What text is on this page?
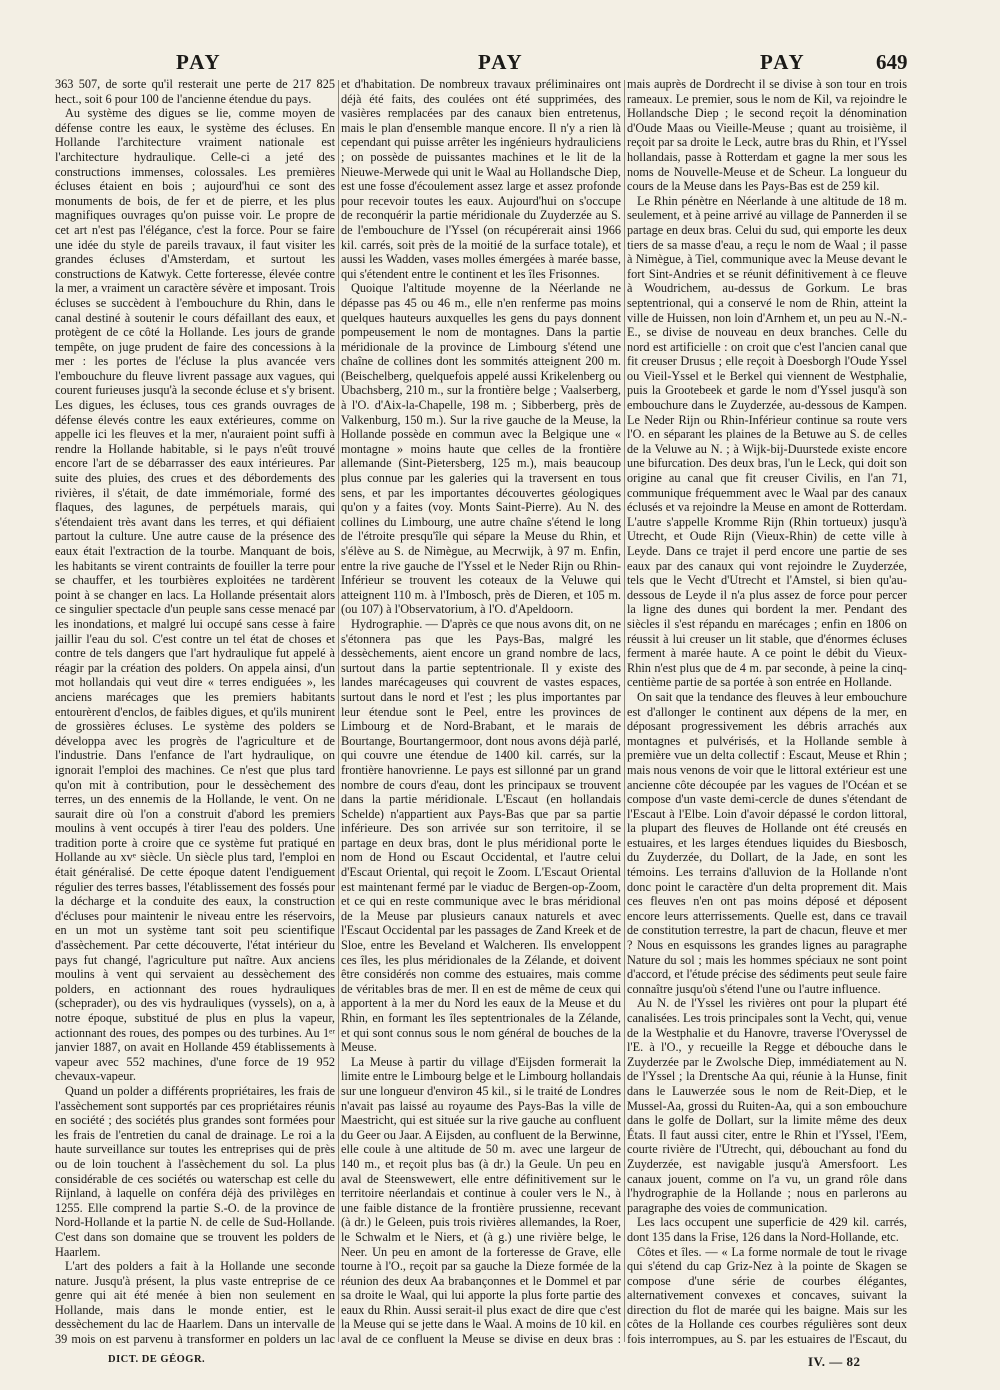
PAY	PAY	PAY	649

363 507, de sorte qu'il resterait une perte de 217 825 hect., soit 6 pour 100 de l'ancienne étendue du pays.

Au système des digues se lie, comme moyen de défense contre les eaux, le système des écluses. En Hollande l'architecture vraiment nationale est l'architecture hydraulique. Celle-ci a jeté des constructions immenses, colossales. Les premières écluses étaient en bois ; aujourd'hui ce sont des monuments de bois, de fer et de pierre, et les plus magnifiques ouvrages qu'on puisse voir. Le propre de cet art n'est pas l'élégance, c'est la force. Pour se faire une idée du style de pareils travaux, il faut visiter les grandes écluses d'Amsterdam, et surtout les constructions de Katwyk. Cette forteresse, élevée contre la mer, a vraiment un caractère sévère et imposant. Trois écluses se succèdent à l'embouchure du Rhin, dans le canal destiné à soutenir le cours défaillant des eaux, et protègent de ce côté la Hollande. Les jours de grande tempête, on juge prudent de faire des concessions à la mer : les portes de l'écluse la plus avancée vers l'embouchure du fleuve livrent passage aux vagues, qui courent furieuses jusqu'à la seconde écluse et s'y brisent. Les digues, les écluses, tous ces grands ouvrages de défense élevés contre les eaux extérieures, comme on appelle ici les fleuves et la mer, n'auraient point suffi à rendre la Hollande habitable, si le pays n'eût trouvé encore l'art de se débarrasser des eaux intérieures. Par suite des pluies, des crues et des débordements des rivières, il s'était, de date immémoriale, formé des flaques, des lagunes, de perpétuels marais, qui s'étendaient très avant dans les terres, et qui défiaient partout la culture. Une autre cause de la présence des eaux était l'extraction de la tourbe. Manquant de bois, les habitants se virent contraints de fouiller la terre pour se chauffer, et les tourbières exploitées ne tardèrent point à se changer en lacs. La Hollande présentait alors ce singulier spectacle d'un peuple sans cesse menacé par les inondations, et malgré lui occupé sans cesse à faire jaillir l'eau du sol. C'est contre un tel état de choses et contre de tels dangers que l'art hydraulique fut appelé à réagir par la création des polders. On appela ainsi, d'un mot hollandais qui veut dire « terres endiguées », les anciens marécages que les premiers habitants entourèrent d'enclos, de faibles digues, et qu'ils munirent de grossières écluses. Le système des polders se développa avec les progrès de l'agriculture et de l'industrie. Dans l'enfance de l'art hydraulique, on ignorait l'emploi des machines. Ce n'est que plus tard qu'on mit à contribution, pour le dessèchement des terres, un des ennemis de la Hollande, le vent. On ne saurait dire où l'on a construit d'abord les premiers moulins à vent occupés à tirer l'eau des polders. Une tradition porte à croire que ce système fut pratiqué en Hollande au xvᵉ siècle. Un siècle plus tard, l'emploi en était généralisé. De cette époque datent l'endiguement régulier des terres basses, l'établissement des fossés pour la décharge et la conduite des eaux, la construction d'écluses pour maintenir le niveau entre les réservoirs, en un mot un système tant soit peu scientifique d'assèchement. Par cette découverte, l'état intérieur du pays fut changé, l'agriculture put naître. Aux anciens moulins à vent qui servaient au dessèchement des polders, en actionnant des roues hydrauliques (scheprader), ou des vis hydrauliques (vyssels), on a, à notre époque, substitué de plus en plus la vapeur, actionnant des roues, des pompes ou des turbines. Au 1ᵉʳ janvier 1887, on avait en Hollande 459 établissements à vapeur avec 552 machines, d'une force de 19 952 chevaux-vapeur.

Quand un polder a différents propriétaires, les frais de l'assèchement sont supportés par ces propriétaires réunis en société ; des sociétés plus grandes sont formées pour les frais de l'entretien du canal de drainage. Le roi a la haute surveillance sur toutes les entreprises qui de près ou de loin touchent à l'assèchement du sol. La plus considérable de ces sociétés ou waterschap est celle du Rijnland, à laquelle on conféra déjà des privilèges en 1255. Elle comprend la partie S.-O. de la province de Nord-Hollande et la partie N. de celle de Sud-Hollande. C'est dans son domaine que se trouvent les polders de Haarlem.

L'art des polders a fait à la Hollande une seconde nature. Jusqu'à présent, la plus vaste entreprise de ce genre qui ait été menée à bien non seulement en Hollande, mais dans le monde entier, est le dessèchement du lac de Haarlem. Dans un intervalle de 39 mois on est parvenu à transformer en polders un lac

et d'habitation. De nombreux travaux préliminaires ont déjà été faits, des coulées ont été supprimées, des vasières remplacées par des canaux bien entretenus, mais le plan d'ensemble manque encore. Il n'y a rien là cependant qui puisse arrêter les ingénieurs hydrauliciens ; on possède de puissantes machines et le lit de la Nieuwe-Merwede qui unit le Waal au Hollandsche Diep, est une fosse d'écoulement assez large et assez profonde pour recevoir toutes les eaux. Aujourd'hui on s'occupe de reconquérir la partie méridionale du Zuyderzée au S. de l'embouchure de l'Yssel (on récupérerait ainsi 1966 kil. carrés, soit près de la moitié de la surface totale), et aussi les Wadden, vases molles émergées à marée basse, qui s'étendent entre le continent et les îles Frisonnes.

Quoique l'altitude moyenne de la Néerlande ne dépasse pas 45 ou 46 m., elle n'en renferme pas moins quelques hauteurs auxquelles les gens du pays donnent pompeusement le nom de montagnes. Dans la partie méridionale de la province de Limbourg s'étend une chaîne de collines dont les sommités atteignent 200 m. (Beischelberg, quelquefois appelé aussi Krikelenberg ou Ubachsberg, 210 m., sur la frontière belge ; Vaalserberg, à l'O. d'Aix-la-Chapelle, 198 m. ; Sibberberg, près de Valkenburg, 150 m.). Sur la rive gauche de la Meuse, la Hollande possède en commun avec la Belgique une « montagne » moins haute que celles de la frontière allemande (Sint-Pietersberg, 125 m.), mais beaucoup plus connue par les galeries qui la traversent en tous sens, et par les importantes découvertes géologiques qu'on y a faites (voy. Monts Saint-Pierre). Au N. des collines du Limbourg, une autre chaîne s'étend le long de l'étroite presqu'île qui sépare la Meuse du Rhin, et s'élève au S. de Nimègue, au Mecrwijk, à 97 m. Enfin, entre la rive gauche de l'Yssel et le Neder Rijn ou Rhin-Inférieur se trouvent les coteaux de la Veluwe qui atteignent 110 m. à l'Imbosch, près de Dieren, et 105 m. (ou 107) à l'Observatorium, à l'O. d'Apeldoorn.

Hydrographie. — D'après ce que nous avons dit, on ne s'étonnera pas que les Pays-Bas, malgré les dessèchements, aient encore un grand nombre de lacs, surtout dans la partie septentrionale. Il y existe des landes marécageuses qui couvrent de vastes espaces, surtout dans le nord et l'est ; les plus importantes par leur étendue sont le Peel, entre les provinces de Limbourg et de Nord-Brabant, et le marais de Bourtange, Bourtangermoor, dont nous avons déjà parlé, qui couvre une étendue de 1400 kil. carrés, sur la frontière hanovrienne. Le pays est sillonné par un grand nombre de cours d'eau, dont les principaux se trouvent dans la partie méridionale. L'Escaut (en hollandais Schelde) n'appartient aux Pays-Bas que par sa partie inférieure. Des son arrivée sur son territoire, il se partage en deux bras, dont le plus méridional porte le nom de Hond ou Escaut Occidental, et l'autre celui d'Escaut Oriental, qui reçoit le Zoom. L'Escaut Oriental est maintenant fermé par le viaduc de Bergen-op-Zoom, et ce qui en reste communique avec le bras méridional de la Meuse par plusieurs canaux naturels et avec l'Escaut Occidental par les passages de Zand Kreek et de Sloe, entre les Beveland et Walcheren. Ils enveloppent ces îles, les plus méridionales de la Zélande, et doivent être considérés non comme des estuaires, mais comme de véritables bras de mer. Il en est de même de ceux qui apportent à la mer du Nord les eaux de la Meuse et du Rhin, en formant les îles septentrionales de la Zélande, et qui sont connus sous le nom général de bouches de la Meuse.

La Meuse à partir du village d'Eijsden formerait la limite entre le Limbourg belge et le Limbourg hollandais sur une longueur d'environ 45 kil., si le traité de Londres n'avait pas laissé au royaume des Pays-Bas la ville de Maestricht, qui est située sur la rive gauche au confluent du Geer ou Jaar. A Eijsden, au confluent de la Berwinne, elle coule à une altitude de 50 m. avec une largeur de 140 m., et reçoit plus bas (à dr.) la Geule. Un peu en aval de Steenswewert, elle entre définitivement sur le territoire néerlandais et continue à couler vers le N., à une faible distance de la frontière prussienne, recevant (à dr.) le Geleen, puis trois rivières allemandes, la Roer, le Schwalm et le Niers, et (à g.) une rivière belge, le Neer. Un peu en amont de la forteresse de Grave, elle tourne à l'O., reçoit par sa gauche la Dieze formée de la réunion des deux Aa brabançonnes et le Dommel et par sa droite le Waal, qui lui apporte la plus forte partie des eaux du Rhin. Aussi serait-il plus exact de dire que c'est la Meuse qui se jette dans le Waal. A moins de 10 kil. en aval de ce confluent la Meuse se divise en deux bras :

mais auprès de Dordrecht il se divise à son tour en trois rameaux. Le premier, sous le nom de Kil, va rejoindre le Hollandsche Diep ; le second reçoit la dénomination d'Oude Maas ou Vieille-Meuse ; quant au troisième, il reçoit par sa droite le Leck, autre bras du Rhin, et l'Yssel hollandais, passe à Rotterdam et gagne la mer sous les noms de Nouvelle-Meuse et de Scheur. La longueur du cours de la Meuse dans les Pays-Bas est de 259 kil.

Le Rhin pénètre en Néerlande à une altitude de 18 m. seulement, et à peine arrivé au village de Pannerden il se partage en deux bras. Celui du sud, qui emporte les deux tiers de sa masse d'eau, a reçu le nom de Waal ; il passe à Nimègue, à Tiel, communique avec la Meuse devant le fort Sint-Andries et se réunit définitivement à ce fleuve à Woudrichem, au-dessus de Gorkum. Le bras septentrional, qui a conservé le nom de Rhin, atteint la ville de Huissen, non loin d'Arnhem et, un peu au N.-N.-E., se divise de nouveau en deux branches. Celle du nord est artificielle : on croit que c'est l'ancien canal que fit creuser Drusus ; elle reçoit à Doesborgh l'Oude Yssel ou Vieil-Yssel et le Berkel qui viennent de Westphalie, puis la Grootebeek et garde le nom d'Yssel jusqu'à son embouchure dans le Zuyderzée, au-dessous de Kampen. Le Neder Rijn ou Rhin-Inférieur continue sa route vers l'O. en séparant les plaines de la Betuwe au S. de celles de la Veluwe au N. ; à Wijk-bij-Duurstede existe encore une bifurcation. Des deux bras, l'un le Leck, qui doit son origine au canal que fit creuser Civilis, en l'an 71, communique fréquemment avec le Waal par des canaux éclusés et va rejoindre la Meuse en amont de Rotterdam. L'autre s'appelle Kromme Rijn (Rhin tortueux) jusqu'à Utrecht, et Oude Rijn (Vieux-Rhin) de cette ville à Leyde. Dans ce trajet il perd encore une partie de ses eaux par des canaux qui vont rejoindre le Zuyderzée, tels que le Vecht d'Utrecht et l'Amstel, si bien qu'au-dessous de Leyde il n'a plus assez de force pour percer la ligne des dunes qui bordent la mer. Pendant des siècles il s'est répandu en marécages ; enfin en 1806 on réussit à lui creuser un lit stable, que d'énormes écluses ferment à marée haute. A ce point le débit du Vieux-Rhin n'est plus que de 4 m. par seconde, à peine la cinq-centième partie de sa portée à son entrée en Hollande.

On sait que la tendance des fleuves à leur embouchure est d'allonger le continent aux dépens de la mer, en déposant progressivement les débris arrachés aux montagnes et pulvérisés, et la Hollande semble à première vue un delta collectif : Escaut, Meuse et Rhin ; mais nous venons de voir que le littoral extérieur est une ancienne côte découpée par les vagues de l'Océan et se compose d'un vaste demi-cercle de dunes s'étendant de l'Escaut à l'Elbe. Loin d'avoir dépassé le cordon littoral, la plupart des fleuves de Hollande ont été creusés en estuaires, et les larges étendues liquides du Biesbosch, du Zuyderzée, du Dollart, de la Jade, en sont les témoins. Les terrains d'alluvion de la Hollande n'ont donc point le caractère d'un delta proprement dit. Mais ces fleuves n'en ont pas moins déposé et déposent encore leurs atterrissements. Quelle est, dans ce travail de constitution terrestre, la part de chacun, fleuve et mer ? Nous en esquissons les grandes lignes au paragraphe Nature du sol ; mais les hommes spéciaux ne sont point d'accord, et l'étude précise des sédiments peut seule faire connaître jusqu'où s'étend l'une ou l'autre influence.

Au N. de l'Yssel les rivières ont pour la plupart été canalisées. Les trois principales sont la Vecht, qui, venue de la Westphalie et du Hanovre, traverse l'Overyssel de l'E. à l'O., y recueille la Regge et débouche dans le Zuyderzée par le Zwolsche Diep, immédiatement au N. de l'Yssel ; la Drentsche Aa qui, réunie à la Hunse, finit dans le Lauwerzée sous le nom de Reit-Diep, et le Mussel-Aa, grossi du Ruiten-Aa, qui a son embouchure dans le golfe de Dollart, sur la limite même des deux États. Il faut aussi citer, entre le Rhin et l'Yssel, l'Eem, courte rivière de l'Utrecht, qui, débouchant au fond du Zuyderzée, est navigable jusqu'à Amersfoort. Les canaux jouent, comme on l'a vu, un grand rôle dans l'hydrographie de la Hollande ; nous en parlerons au paragraphe des voies de communication.

Les lacs occupent une superficie de 429 kil. carrés, dont 135 dans la Frise, 126 dans la Nord-Hollande, etc.

Côtes et îles. — « La forme normale de tout le rivage qui s'étend du cap Griz-Nez à la pointe de Skagen se compose d'une série de courbes élégantes, alternativement convexes et concaves, suivant la direction du flot de marée qui les baigne. Mais sur les côtes de la Hollande ces courbes régulières sont deux fois interrompues, au S. par les estuaires de l'Escaut, du

DICT. DE GÉOGR.	IV. — 82
